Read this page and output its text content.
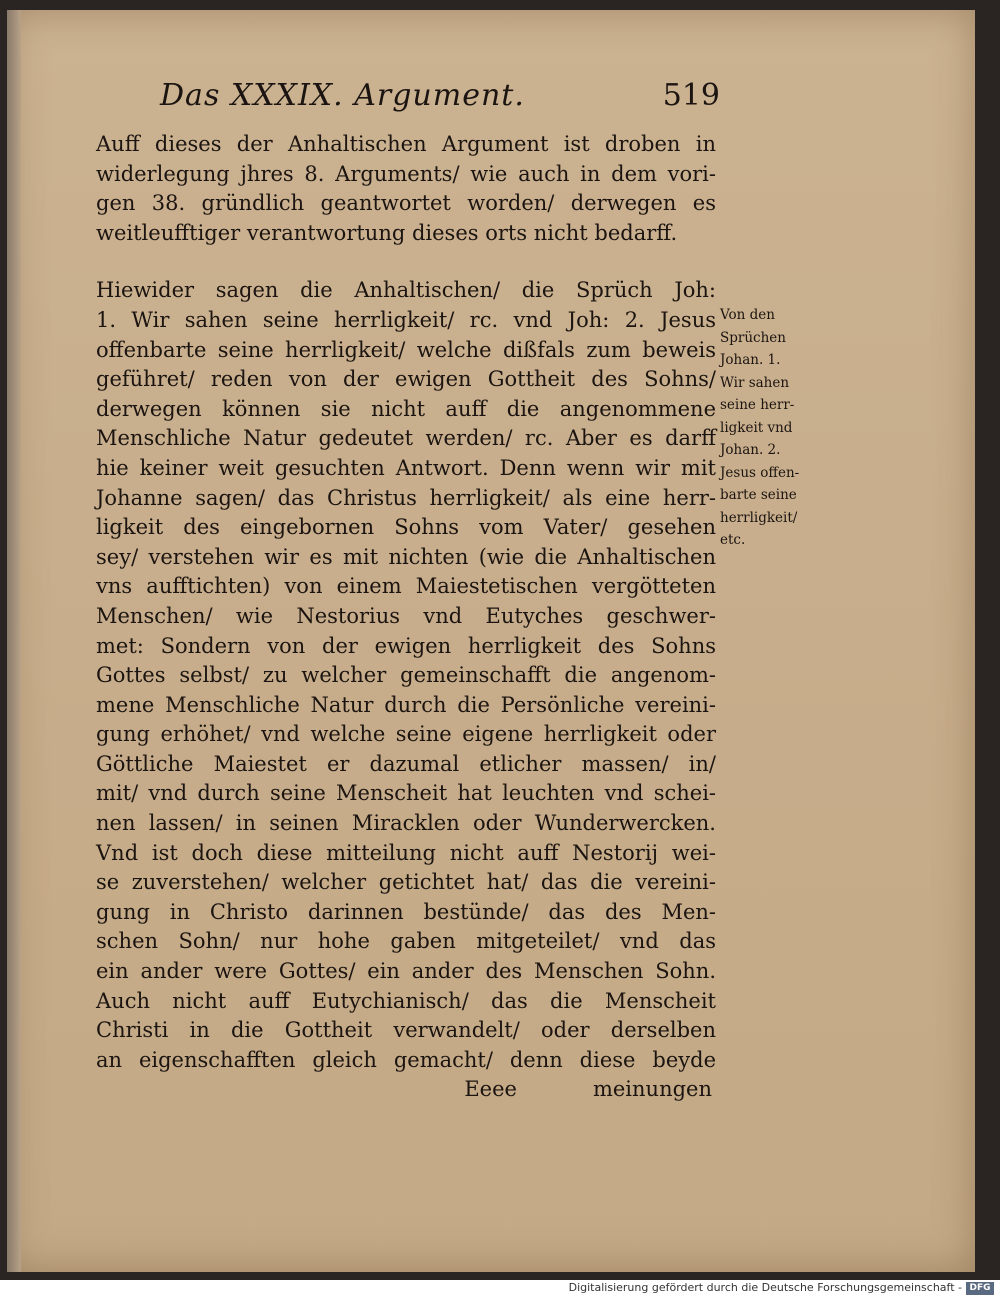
Das XXXIX. Argument.	519
Auff dieses der Anhaltischen Argument ist droben in
widerlegung jhres 8. Arguments/ wie auch in dem vori-
gen 38. gründlich geantwortet worden/ derwegen es
weitleufftiger verantwortung dieses orts nicht bedarff.
Hiewider sagen die Anhaltischen/ die Sprüch Joh:
1. Wir sahen seine herrligkeit/ rc. vnd Joh: 2. Jesus
offenbarte seine herrligkeit/ welche dißfals zum beweis
geführet/ reden von der ewigen Gottheit des Sohns/
derwegen können sie nicht auff die angenommene
Menschliche Natur gedeutet werden/ rc. Aber es darff
hie keiner weit gesuchten Antwort. Denn wenn wir mit
Johanne sagen/ das Christus herrligkeit/ als eine herr-
ligkeit des eingebornen Sohns vom Vater/ gesehen
sey/ verstehen wir es mit nichten (wie die Anhaltischen
vns aufftichten) von einem Maiestetischen vergötteten
Menschen/ wie Nestorius vnd Eutyches geschwer-
met: Sondern von der ewigen herrligkeit des Sohns
Gottes selbst/ zu welcher gemeinschafft die angenom-
mene Menschliche Natur durch die Persönliche vereini-
gung erhöhet/ vnd welche seine eigene herrligkeit oder
Göttliche Maiestet er dazumal etlicher massen/ in/
mit/ vnd durch seine Menscheit hat leuchten vnd schei-
nen lassen/ in seinen Miracklen oder Wunderwercken.
Vnd ist doch diese mitteilung nicht auff Nestorij wei-
se zuverstehen/ welcher getichtet hat/ das die vereini-
gung in Christo darinnen bestünde/ das des Men-
schen Sohn/ nur hohe gaben mitgeteilet/ vnd das
ein ander were Gottes/ ein ander des Menschen Sohn.
Auch nicht auff Eutychianisch/ das die Menscheit
Christi in die Gottheit verwandelt/ oder derselben
an eigenschafften gleich gemacht/ denn diese beyde
Eeee	meinungen
Von den
Sprüchen
Johan. 1.
Wir sahen
seine herr-
ligkeit vnd
Johan. 2.
Jesus offen-
barte seine
herrligkeit/
etc.
Digitalisierung gefördert durch die Deutsche Forschungsgemeinschaft - DFG
